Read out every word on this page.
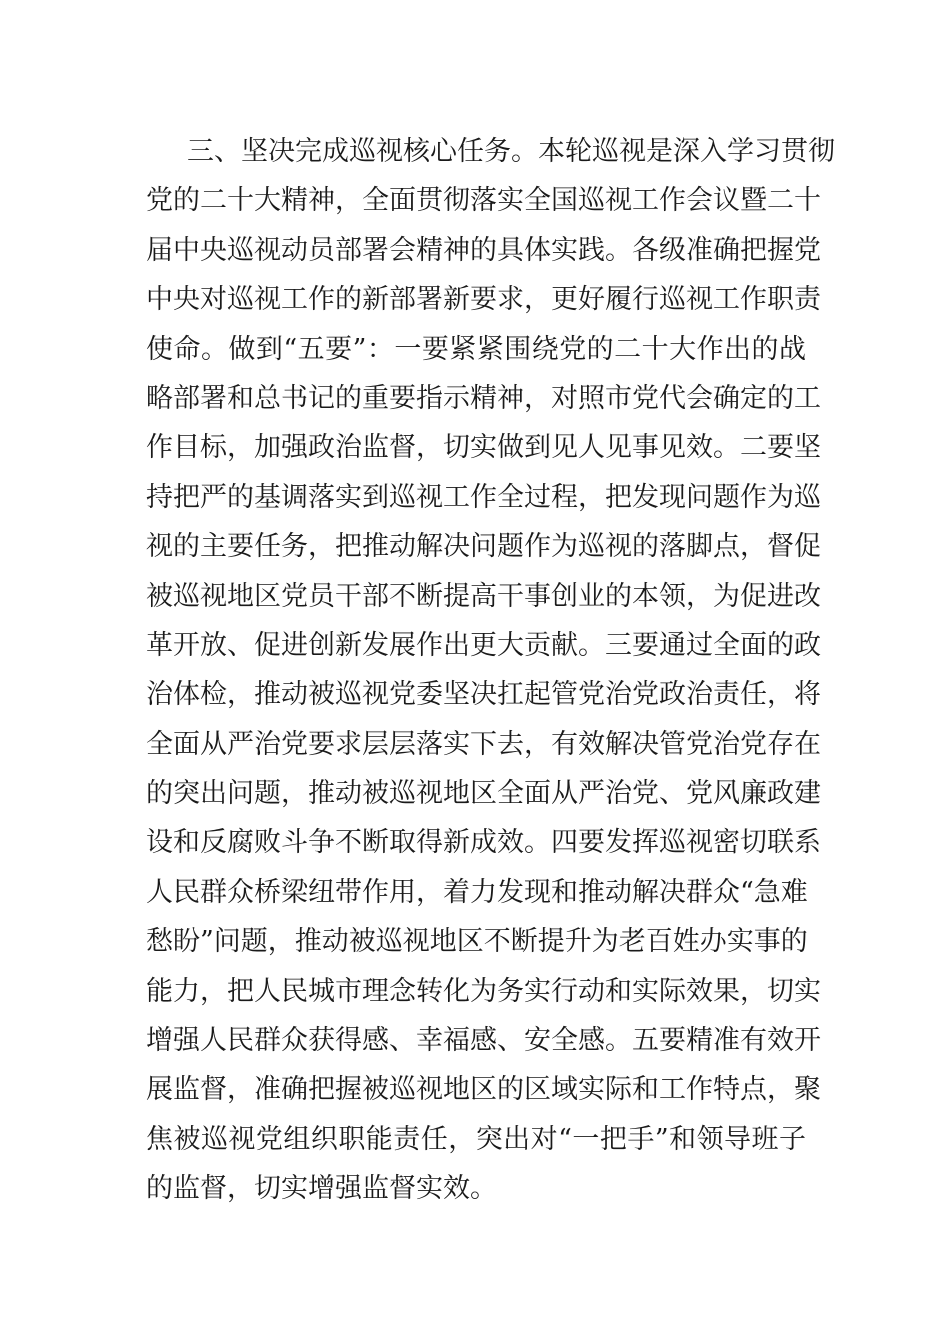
三、坚决完成巡视核心任务。本轮巡视是深入学习贯彻
党的二十大精神，全面贯彻落实全国巡视工作会议暨二十
届中央巡视动员部署会精神的具体实践。各级准确把握党
中央对巡视工作的新部署新要求，更好履行巡视工作职责
使命。做到“五要”：一要紧紧围绕党的二十大作出的战
略部署和总书记的重要指示精神，对照市党代会确定的工
作目标，加强政治监督，切实做到见人见事见效。二要坚
持把严的基调落实到巡视工作全过程，把发现问题作为巡
视的主要任务，把推动解决问题作为巡视的落脚点，督促
被巡视地区党员干部不断提高干事创业的本领，为促进改
革开放、促进创新发展作出更大贡献。三要通过全面的政
治体检，推动被巡视党委坚决扛起管党治党政治责任，将
全面从严治党要求层层落实下去，有效解决管党治党存在
的突出问题，推动被巡视地区全面从严治党、党风廉政建
设和反腐败斗争不断取得新成效。四要发挥巡视密切联系
人民群众桥梁纽带作用，着力发现和推动解决群众“急难
愁盼”问题，推动被巡视地区不断提升为老百姓办实事的
能力，把人民城市理念转化为务实行动和实际效果，切实
增强人民群众获得感、幸福感、安全感。五要精准有效开
展监督，准确把握被巡视地区的区域实际和工作特点，聚
焦被巡视党组织职能责任，突出对“一把手”和领导班子
的监督，切实增强监督实效。
